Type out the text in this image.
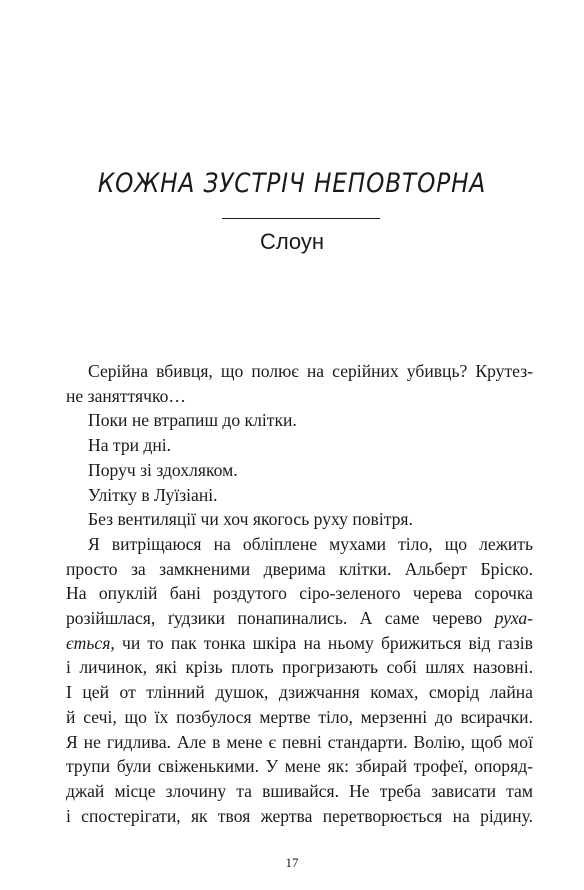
КОЖНА ЗУСТРІЧ НЕПОВТОРНА
Слоун
Серійна вбивця, що полює на серійних убивць? Крутез-
не заняттячко…
Поки не втрапиш до клітки.
На три дні.
Поруч зі здохляком.
Улітку в Луїзіані.
Без вентиляції чи хоч якогось руху повітря.
Я витріщаюся на обліплене мухами тіло, що лежить
просто за замкненими дверима клітки. Альберт Бріско.
На опуклій бані роздутого сіро-зеленого черева сорочка
розійшлася, ґудзики понапинались. А саме черево руха-
ється, чи то пак тонка шкіра на ньому брижиться від газів
і личинок, які крізь плоть прогризають собі шлях назовні.
І цей от тлінний душок, дзижчання комах, сморід лайна
й сечі, що їх позбулося мертве тіло, мерзенні до всирачки.
Я не гидлива. Але в мене є певні стандарти. Волію, щоб мої
трупи були свіженькими. У мене як: збирай трофеї, опоряд-
джай місце злочину та вшивайся. Не треба зависати там
і спостерігати, як твоя жертва перетворюється на рідину.
17
